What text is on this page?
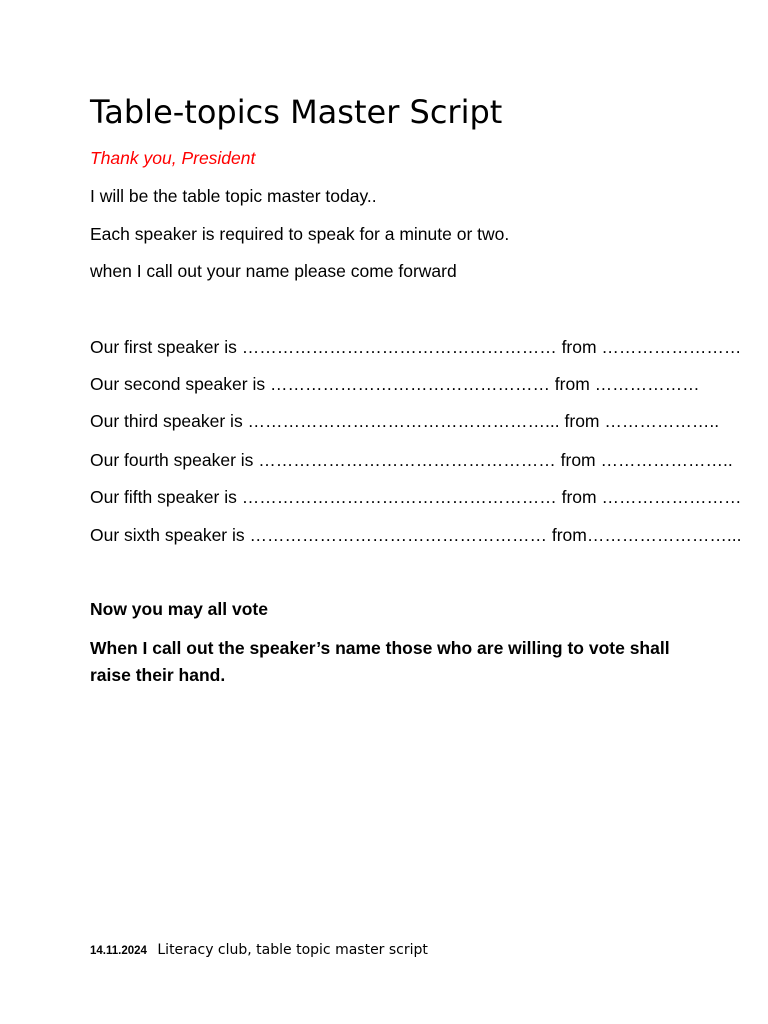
Table-topics Master Script

Thank you, President

I will be the table topic master today..

Each speaker is required to speak for a minute or two.

when I call out your name please come forward

Our first speaker is ……………………………………………… from ……………………

Our second speaker is ………………………………………… from ………………

Our third speaker is ……………………………………………... from ………………..

Our fourth speaker is …………………………………………… from …………………..

Our fifth speaker is ……………………………………………… from ……………………

Our sixth speaker is …………………………………………… from……………………...

Now you may all vote

When I call out the speaker’s name those who are willing to vote shall raise their hand.

14.11.2024 Literacy club, table topic master script
